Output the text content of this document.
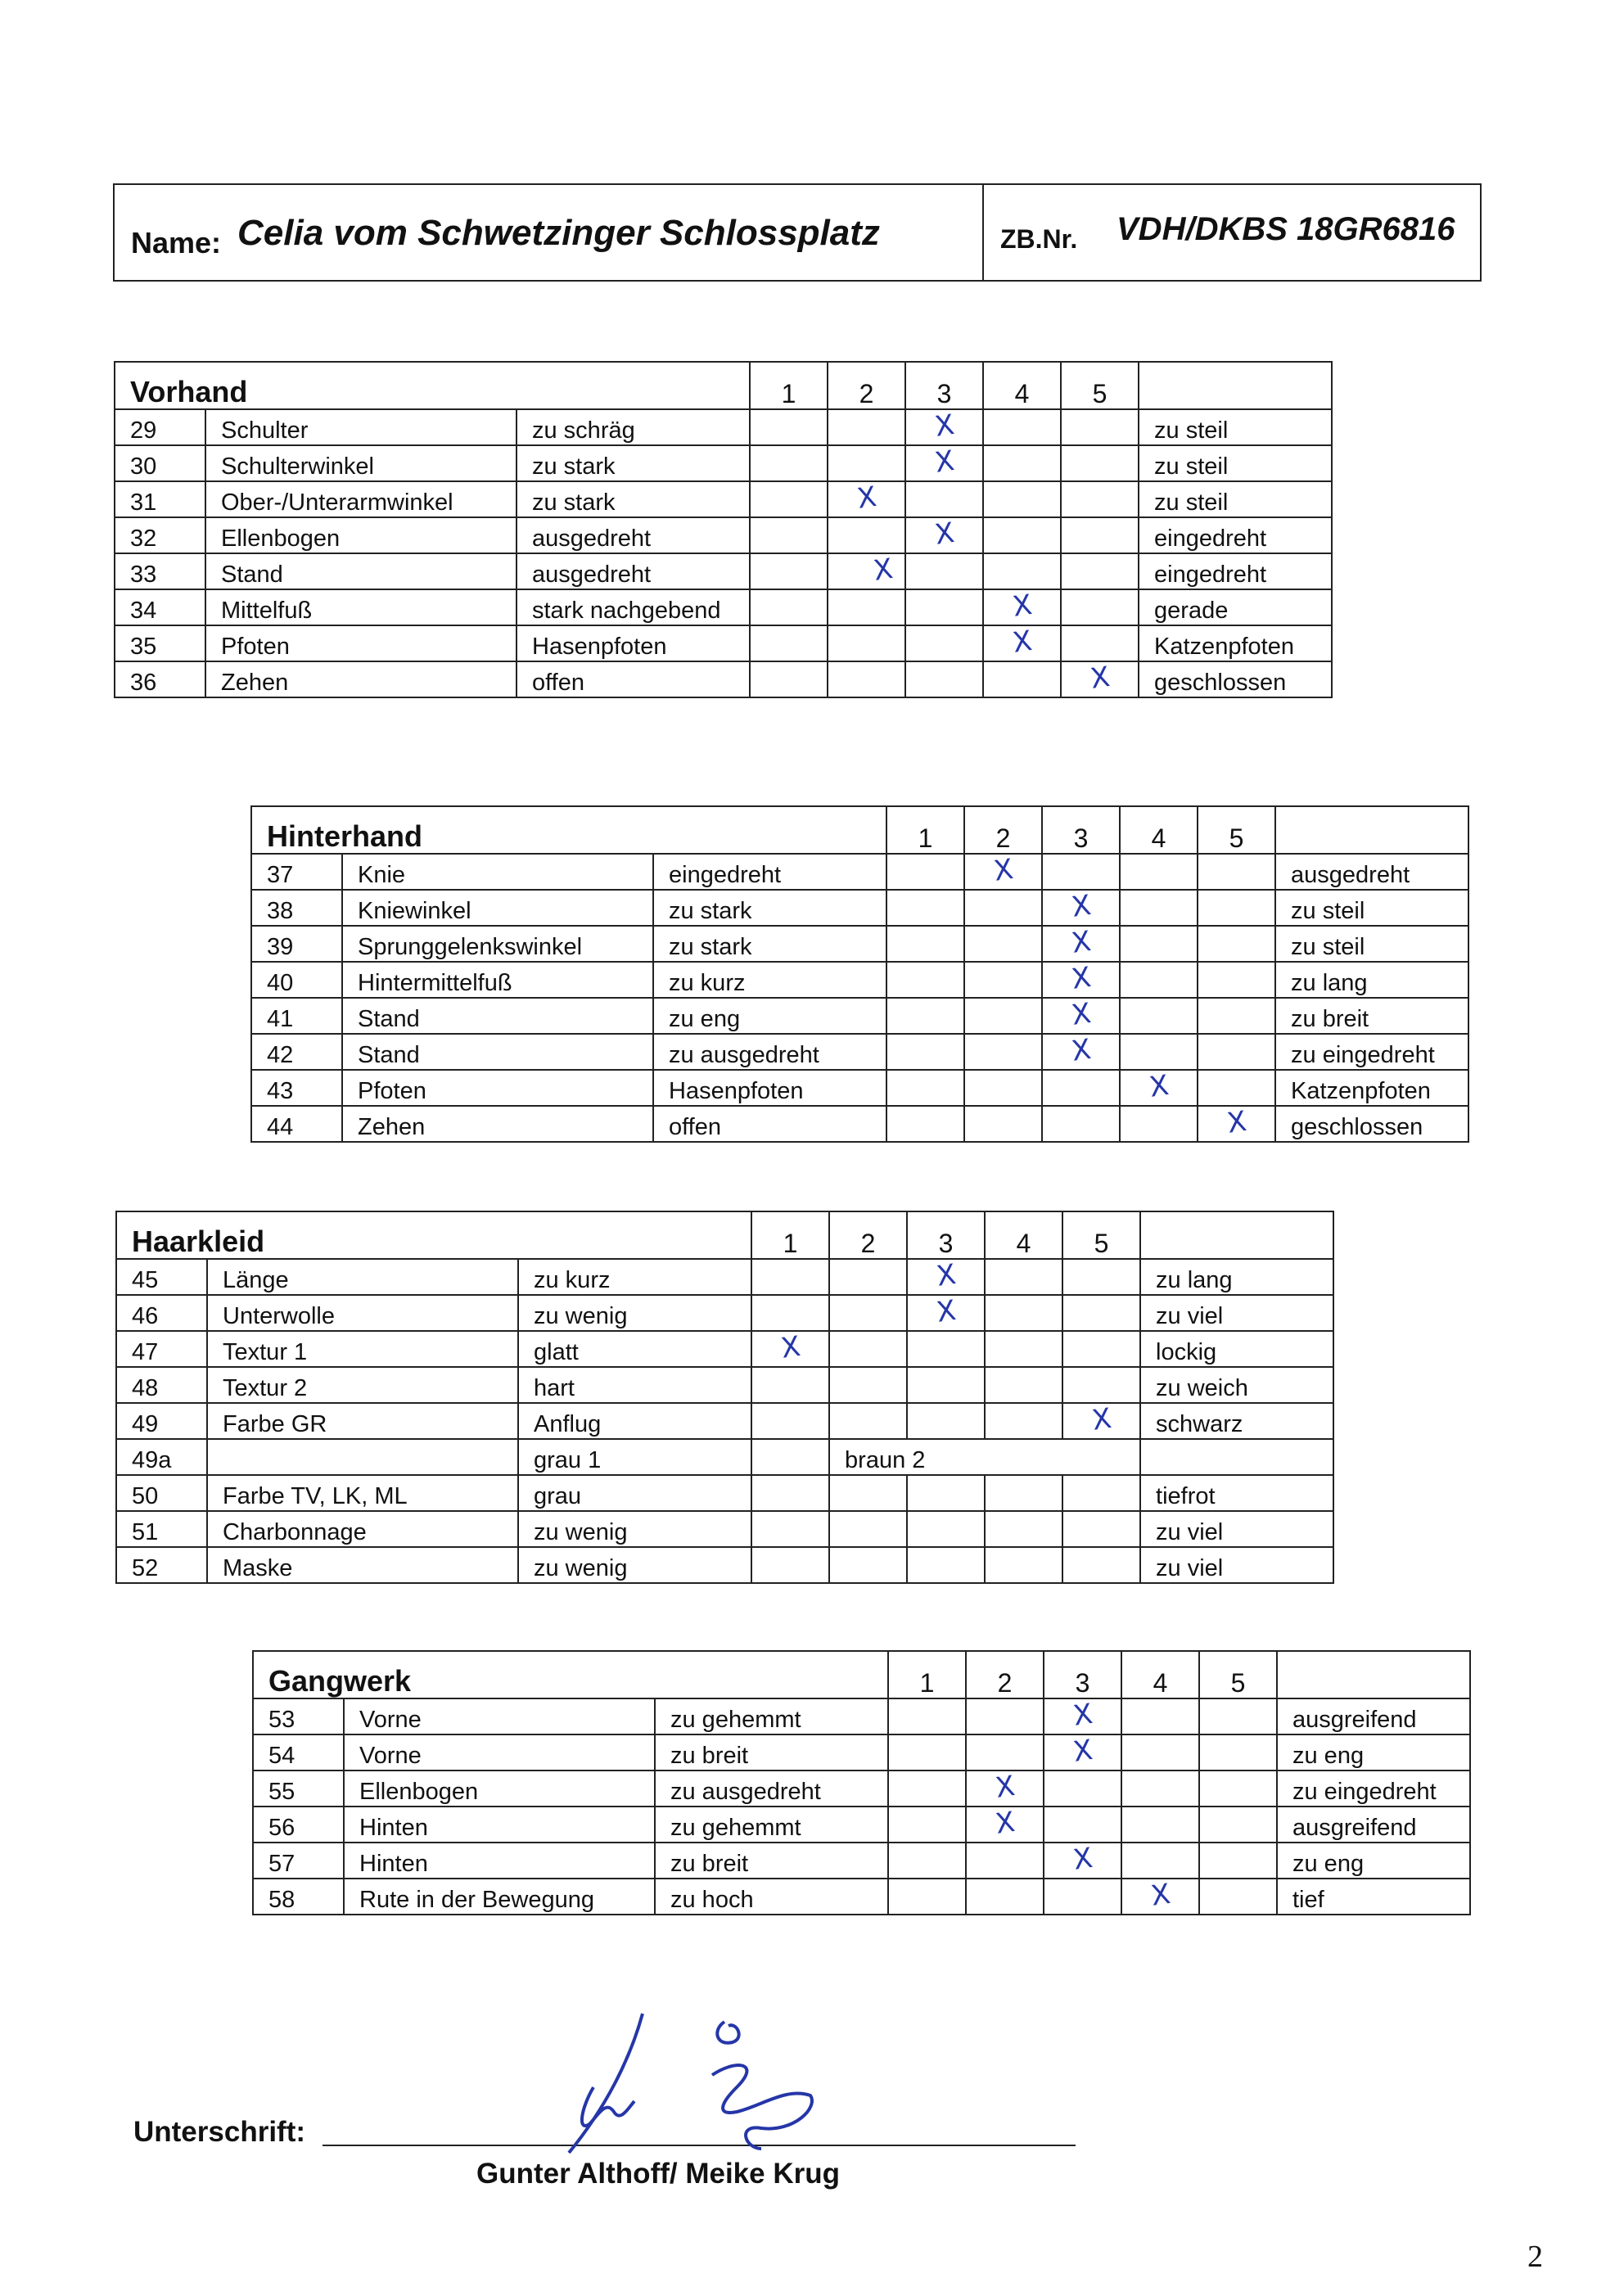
Name: Celia vom Schwetzinger Schlossplatz	ZB.Nr. VDH/DKBS 18GR6816
Vorhand			1	2	3	4	5	
29	Schulter	zu schräg			X			zu steil
30	Schulterwinkel	zu stark			X			zu steil
31	Ober-/Unterarmwinkel	zu stark		X				zu steil
32	Ellenbogen	ausgedreht			X			eingedreht
33	Stand	ausgedreht		X				eingedreht
34	Mittelfuß	stark nachgebend				X		gerade
35	Pfoten	Hasenpfoten				X		Katzenpfoten
36	Zehen	offen					X	geschlossen
Hinterhand			1	2	3	4	5	
37	Knie	eingedreht		X				ausgedreht
38	Kniewinkel	zu stark			X			zu steil
39	Sprunggelenkswinkel	zu stark			X			zu steil
40	Hintermittelfuß	zu kurz			X			zu lang
41	Stand	zu eng			X			zu breit
42	Stand	zu ausgedreht			X			zu eingedreht
43	Pfoten	Hasenpfoten				X		Katzenpfoten
44	Zehen	offen					X	geschlossen
Haarkleid			1	2	3	4	5	
45	Länge	zu kurz			X			zu lang
46	Unterwolle	zu wenig			X			zu viel
47	Textur 1	glatt	X					lockig
48	Textur 2	hart						zu weich
49	Farbe GR	Anflug					X	schwarz
49a		grau 1		braun 2				
50	Farbe TV, LK, ML	grau						tiefrot
51	Charbonnage	zu wenig						zu viel
52	Maske	zu wenig						zu viel
Gangwerk			1	2	3	4	5	
53	Vorne	zu gehemmt			X			ausgreifend
54	Vorne	zu breit			X			zu eng
55	Ellenbogen	zu ausgedreht		X				zu eingedreht
56	Hinten	zu gehemmt		X				ausgreifend
57	Hinten	zu breit			X			zu eng
58	Rute in der Bewegung	zu hoch				X		tief
Unterschrift:
Gunter Althoff/ Meike Krug
2
